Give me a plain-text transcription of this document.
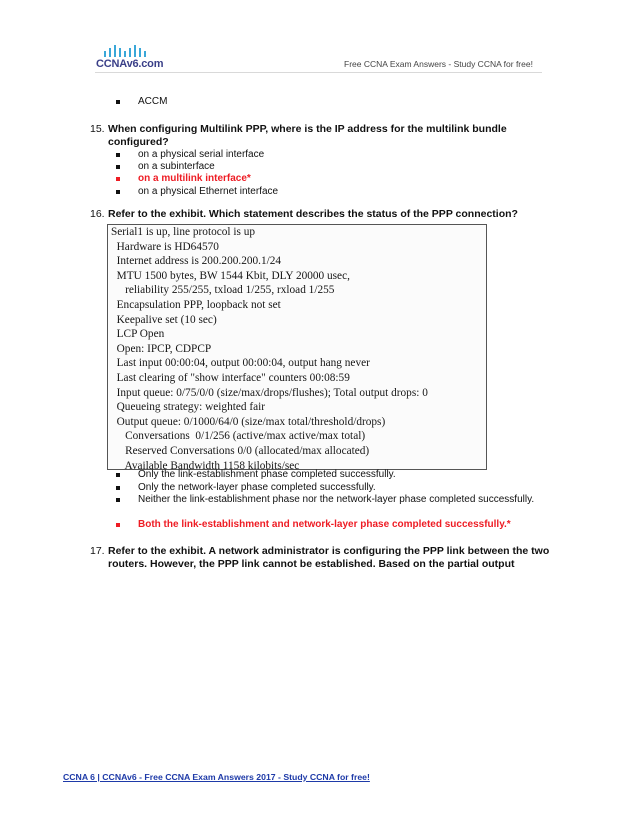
CCNAv6.com	Free CCNA Exam Answers - Study CCNA for free!
ACCM
15. When configuring Multilink PPP, where is the IP address for the multilink bundle configured?
on a physical serial interface
on a subinterface
on a multilink interface*
on a physical Ethernet interface
16. Refer to the exhibit. Which statement describes the status of the PPP connection?
Serial1 is up, line protocol is up
Hardware is HD64570
Internet address is 200.200.200.1/24
MTU 1500 bytes, BW 1544 Kbit, DLY 20000 usec,
reliability 255/255, txload 1/255, rxload 1/255
Encapsulation PPP, loopback not set
Keepalive set (10 sec)
LCP Open
Open: IPCP, CDPCP
Last input 00:00:04, output 00:00:04, output hang never
Last clearing of "show interface" counters 00:08:59
Input queue: 0/75/0/0 (size/max/drops/flushes); Total output drops: 0
Queueing strategy: weighted fair
Output queue: 0/1000/64/0 (size/max total/threshold/drops)
Conversations  0/1/256 (active/max active/max total)
Reserved Conversations 0/0 (allocated/max allocated)
Available Bandwidth 1158 kilobits/sec
Only the link-establishment phase completed successfully.
Only the network-layer phase completed successfully.
Neither the link-establishment phase nor the network-layer phase completed successfully.
Both the link-establishment and network-layer phase completed successfully.*
17. Refer to the exhibit. A network administrator is configuring the PPP link between the two routers. However, the PPP link cannot be established. Based on the partial output
CCNA 6 | CCNAv6 - Free CCNA Exam Answers 2017 - Study CCNA for free!
